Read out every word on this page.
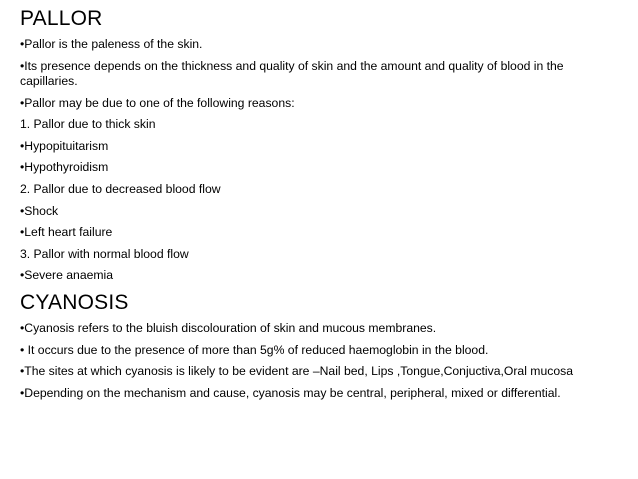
PALLOR
•Pallor is the paleness of the skin.
•Its presence depends on the thickness and quality of skin and the amount and quality of blood in the capillaries.
•Pallor may be due to one of the following reasons:
1. Pallor due to thick skin
•Hypopituitarism
•Hypothyroidism
2. Pallor due to decreased blood flow
•Shock
•Left heart failure
3. Pallor with normal blood flow
•Severe anaemia
CYANOSIS
•Cyanosis refers to the bluish discolouration of skin and mucous membranes.
• It occurs due to the presence of more than 5g% of reduced haemoglobin in the blood.
•The sites at which cyanosis is likely to be evident are –Nail bed, Lips ,Tongue,Conjuctiva,Oral mucosa
•Depending on the mechanism and cause, cyanosis may be central, peripheral, mixed or differential.
